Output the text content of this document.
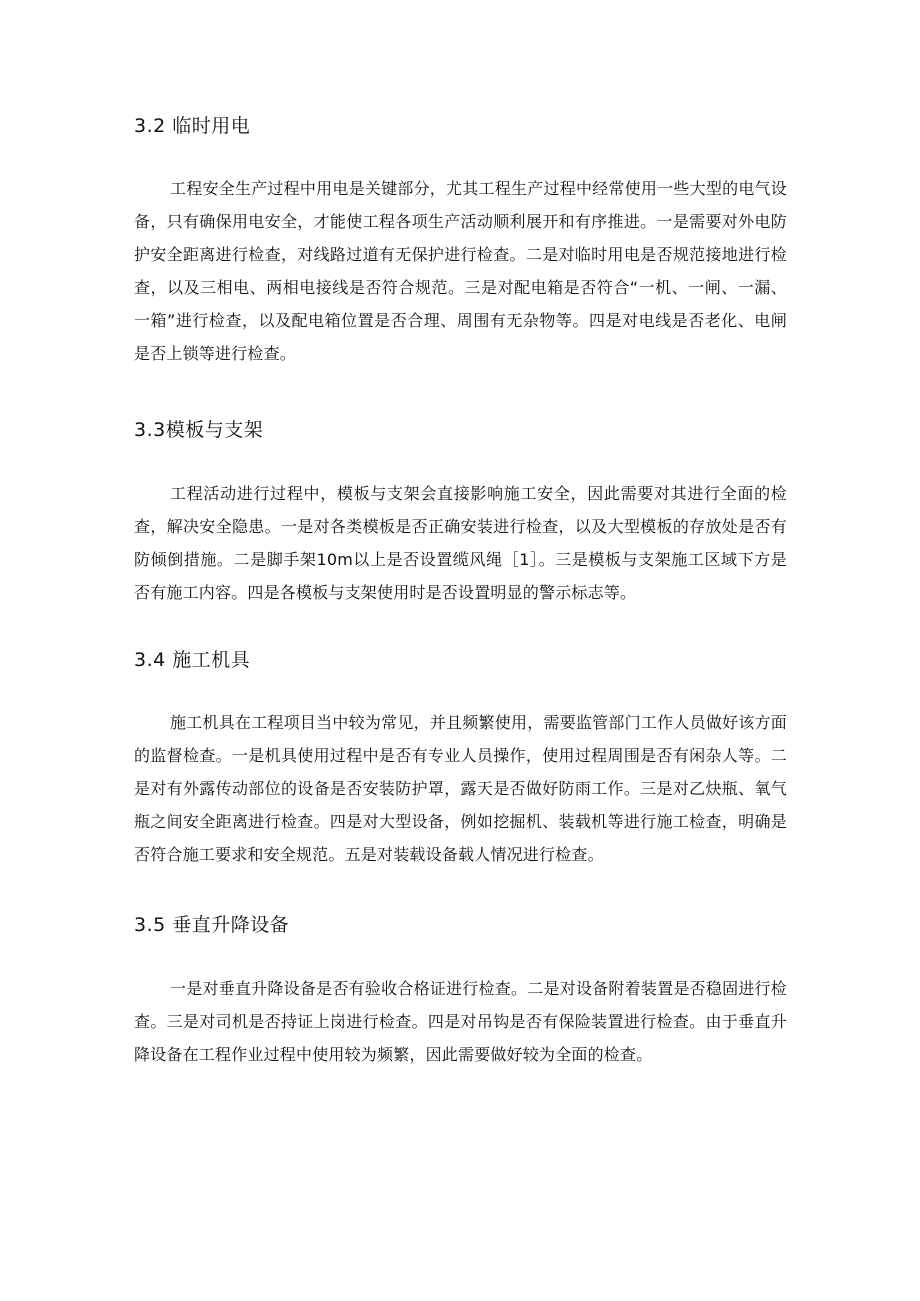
3.2 临时用电
工程安全生产过程中用电是关键部分，尤其工程生产过程中经常使用一些大型的电气设备，只有确保用电安全，才能使工程各项生产活动顺利展开和有序推进。一是需要对外电防护安全距离进行检查，对线路过道有无保护进行检查。二是对临时用电是否规范接地进行检查，以及三相电、两相电接线是否符合规范。三是对配电箱是否符合“一机、一闸、一漏、一箱”进行检查，以及配电箱位置是否合理、周围有无杂物等。四是对电线是否老化、电闸是否上锁等进行检查。
3.3模板与支架
工程活动进行过程中，模板与支架会直接影响施工安全，因此需要对其进行全面的检查，解决安全隐患。一是对各类模板是否正确安装进行检查，以及大型模板的存放处是否有防倾倒措施。二是脚手架10m以上是否设置缆风绳［1］。三是模板与支架施工区域下方是否有施工内容。四是各模板与支架使用时是否设置明显的警示标志等。
3.4 施工机具
施工机具在工程项目当中较为常见，并且频繁使用，需要监管部门工作人员做好该方面的监督检查。一是机具使用过程中是否有专业人员操作，使用过程周围是否有闲杂人等。二是对有外露传动部位的设备是否安装防护罩，露天是否做好防雨工作。三是对乙炔瓶、氧气瓶之间安全距离进行检查。四是对大型设备，例如挖掘机、装载机等进行施工检查，明确是否符合施工要求和安全规范。五是对装载设备载人情况进行检查。
3.5 垂直升降设备
一是对垂直升降设备是否有验收合格证进行检查。二是对设备附着装置是否稳固进行检查。三是对司机是否持证上岗进行检查。四是对吊钩是否有保险装置进行检查。由于垂直升降设备在工程作业过程中使用较为频繁，因此需要做好较为全面的检查。
